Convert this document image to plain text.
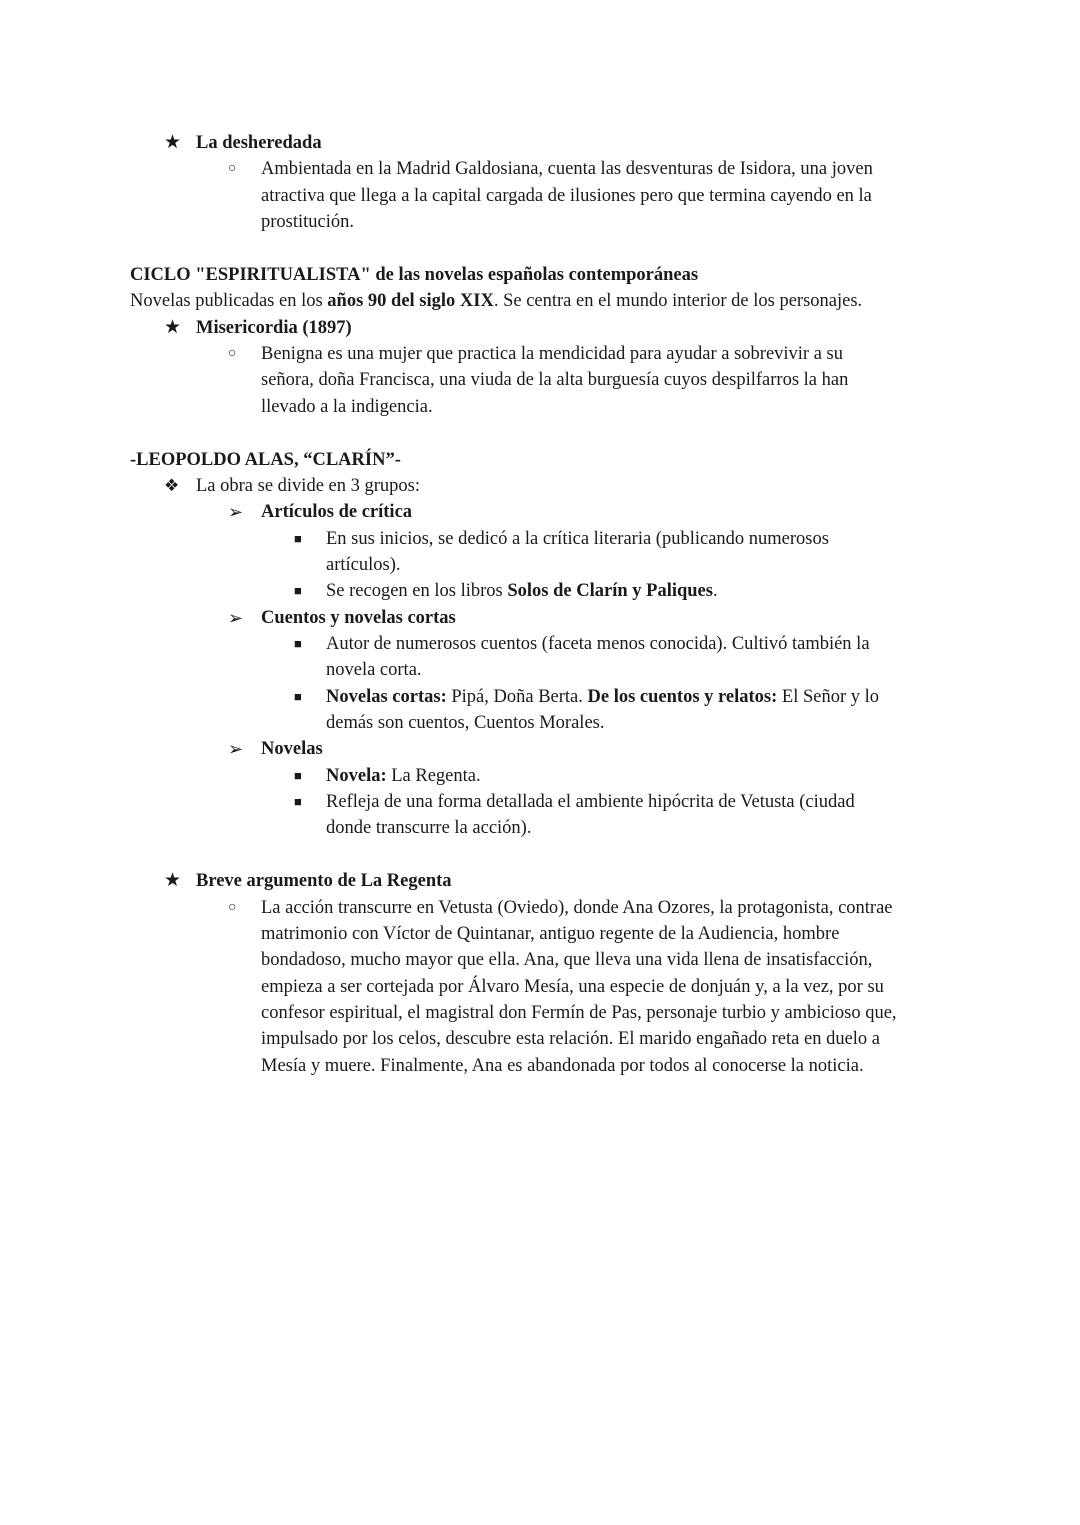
★ La desheredada
○ Ambientada en la Madrid Galdosiana, cuenta las desventuras de Isidora, una joven
atractiva que llega a la capital cargada de ilusiones pero que termina cayendo en la
prostitución.
CICLO "ESPIRITUALISTA" de las novelas españolas contemporáneas
Novelas publicadas en los años 90 del siglo XIX. Se centra en el mundo interior de los personajes.
★ Misericordia (1897)
○ Benigna es una mujer que practica la mendicidad para ayudar a sobrevivir a su
señora, doña Francisca, una viuda de la alta burguesía cuyos despilfarros la han
llevado a la indigencia.
-LEOPOLDO ALAS, “CLARÍN”-
❖ La obra se divide en 3 grupos:
➢ Artículos de crítica
■ En sus inicios, se dedicó a la crítica literaria (publicando numerosos
artículos).
■ Se recogen en los libros Solos de Clarín y Paliques.
➢ Cuentos y novelas cortas
■ Autor de numerosos cuentos (faceta menos conocida). Cultivó también la
novela corta.
■ Novelas cortas: Pipá, Doña Berta. De los cuentos y relatos: El Señor y lo
demás son cuentos, Cuentos Morales.
➢ Novelas
■ Novela: La Regenta.
■ Refleja de una forma detallada el ambiente hipócrita de Vetusta (ciudad
donde transcurre la acción).
★ Breve argumento de La Regenta
○ La acción transcurre en Vetusta (Oviedo), donde Ana Ozores, la protagonista, contrae
matrimonio con Víctor de Quintanar, antiguo regente de la Audiencia, hombre
bondadoso, mucho mayor que ella. Ana, que lleva una vida llena de insatisfacción,
empieza a ser cortejada por Álvaro Mesía, una especie de donjuán y, a la vez, por su
confesor espiritual, el magistral don Fermín de Pas, personaje turbio y ambicioso que,
impulsado por los celos, descubre esta relación. El marido engañado reta en duelo a
Mesía y muere. Finalmente, Ana es abandonada por todos al conocerse la noticia.
